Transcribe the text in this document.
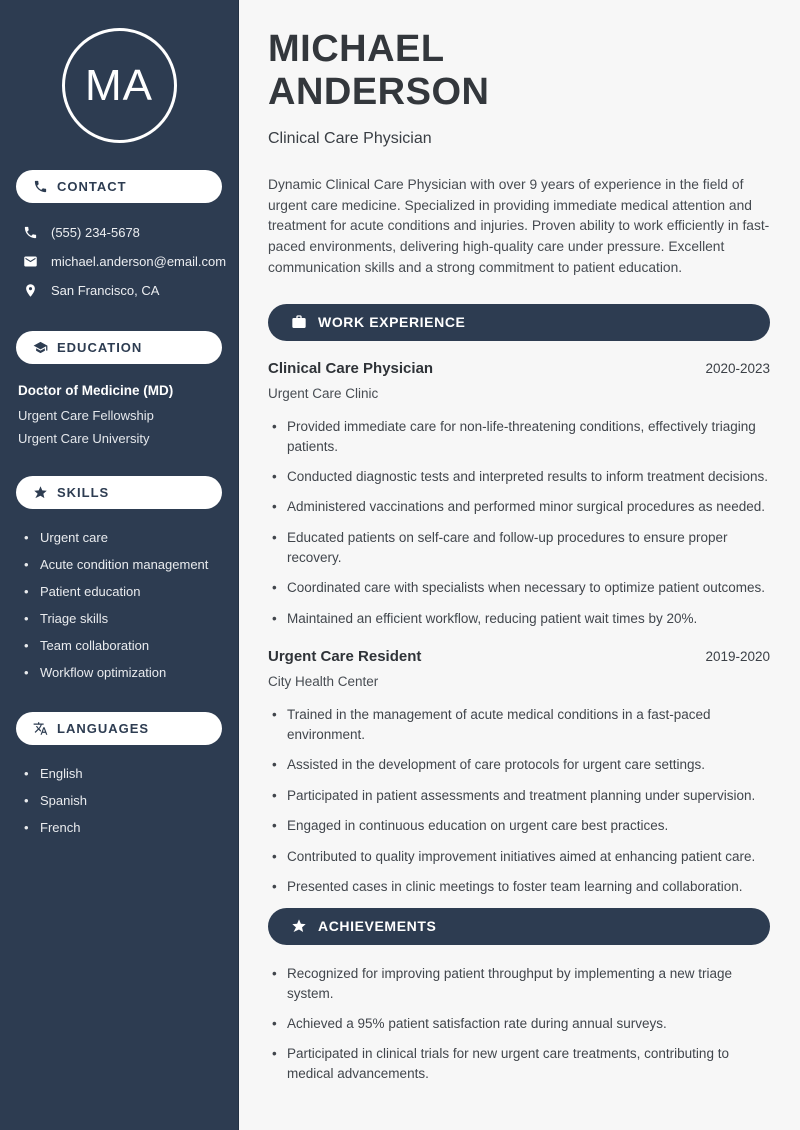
MA
CONTACT
(555) 234-5678
michael.anderson@email.com
San Francisco, CA
EDUCATION
Doctor of Medicine (MD)
Urgent Care Fellowship
Urgent Care University
SKILLS
• Urgent care
• Acute condition management
• Patient education
• Triage skills
• Team collaboration
• Workflow optimization
LANGUAGES
• English
• Spanish
• French
MICHAEL
ANDERSON
Clinical Care Physician

Dynamic Clinical Care Physician with over 9 years of experience in the field of urgent care medicine. Specialized in providing immediate medical attention and treatment for acute conditions and injuries. Proven ability to work efficiently in fast-paced environments, delivering high-quality care under pressure. Excellent communication skills and a strong commitment to patient education.

WORK EXPERIENCE
Clinical Care Physician	2020-2023
Urgent Care Clinic
• Provided immediate care for non-life-threatening conditions, effectively triaging patients.
• Conducted diagnostic tests and interpreted results to inform treatment decisions.
• Administered vaccinations and performed minor surgical procedures as needed.
• Educated patients on self-care and follow-up procedures to ensure proper recovery.
• Coordinated care with specialists when necessary to optimize patient outcomes.
• Maintained an efficient workflow, reducing patient wait times by 20%.
Urgent Care Resident	2019-2020
City Health Center
• Trained in the management of acute medical conditions in a fast-paced environment.
• Assisted in the development of care protocols for urgent care settings.
• Participated in patient assessments and treatment planning under supervision.
• Engaged in continuous education on urgent care best practices.
• Contributed to quality improvement initiatives aimed at enhancing patient care.
• Presented cases in clinic meetings to foster team learning and collaboration.
ACHIEVEMENTS
• Recognized for improving patient throughput by implementing a new triage system.
• Achieved a 95% patient satisfaction rate during annual surveys.
• Participated in clinical trials for new urgent care treatments, contributing to medical advancements.
